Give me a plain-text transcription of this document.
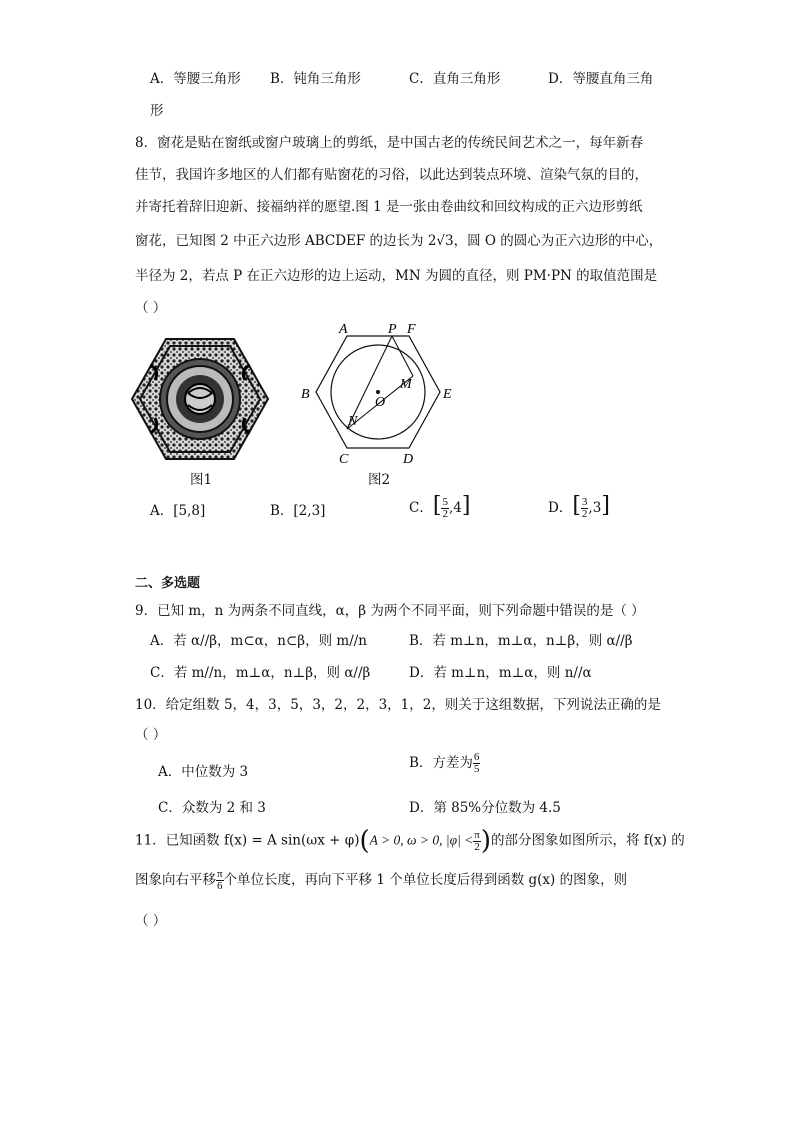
A．等腰三角形 B．钝角三角形	C．直角三角形	D．等腰直角三角
形
8．窗花是贴在窗纸或窗户玻璃上的剪纸，是中国古老的传统民间艺术之一，每年新春
佳节，我国许多地区的人们都有贴窗花的习俗，以此达到装点环境、渲染气氛的目的，
并寄托着辞旧迎新、接福纳祥的愿望.图 1 是一张由卷曲纹和回纹构成的正六边形剪纸
窗花，已知图 2 中正六边形 ABCDEF 的边长为 2√3，圆 O 的圆心为正六边形的中心，
半径为 2，若点 P 在正六边形的边上运动，MN 为圆的直径，则 PM·PN 的取值范围是
（ ）
图1
A	P F
B	E
C	D
O
M
N
图2
A．[5,8]	B．[2,3]	C．[ $\frac{5}{2} ,4$]	D．[ $\frac{3}{2} ,3$]
二、多选题
9．已知 m，n 为两条不同直线，α，β 为两个不同平面，则下列命题中错误的是（ ）
A．若 α//β，m⊂α，n⊂β，则 m//n	B．若 m⊥n，m⊥α，n⊥β，则 α//β
C．若 m//n，m⊥α，n⊥β，则 α//β	D．若 m⊥n，m⊥α，则 n//α
10．给定组数 5，4，3，5，3，2，2，3，1，2，则关于这组数据，下列说法正确的是
（ ）
A．中位数为 3
B．方差为 $\frac{6}{5}$
C．众数为 2 和 3	D．第 85%分位数为 4.5
11．已知函数 f(x) = A sin(ωx + φ)(A > 0, ω > 0, $|\varphi| < \frac{\pi}{2}$ )的部分图象如图所示，将 f(x) 的
图象向右平移 $\frac{\pi}{6}$ 个单位长度，再向下平移 1 个单位长度后得到函数 g(x) 的图象，则
（ ）
